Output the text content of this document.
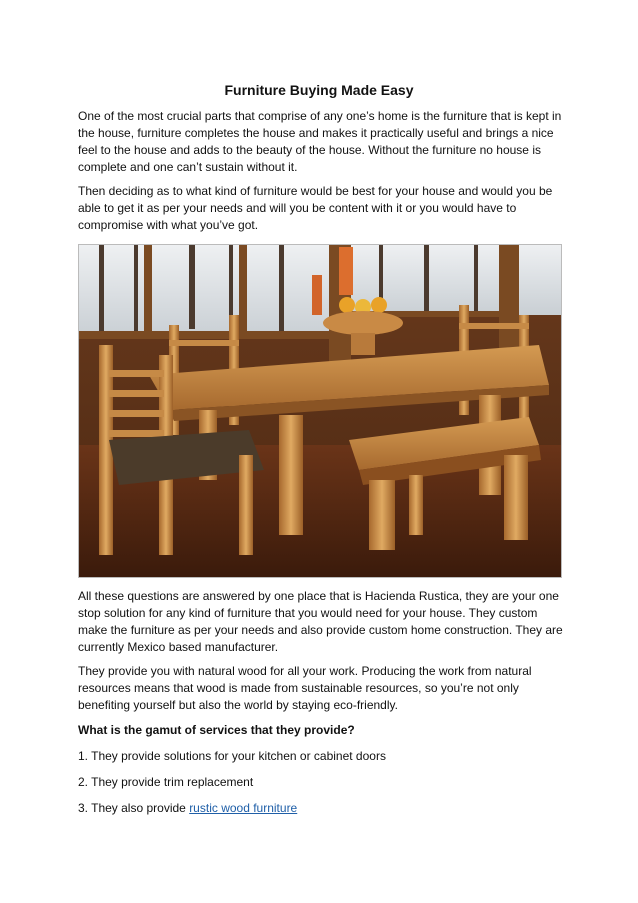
Furniture Buying Made Easy

One of the most crucial parts that comprise of any one’s home is the furniture that is kept in
the house, furniture completes the house and makes it practically useful and brings a nice
feel to the house and adds to the beauty of the house. Without the furniture no house is
complete and one can’t sustain without it.

Then deciding as to what kind of furniture would be best for your house and would you be
able to get it as per your needs and will you be content with it or you would have to
compromise with what you’ve got.

All these questions are answered by one place that is Hacienda Rustica, they are your one
stop solution for any kind of furniture that you would need for your house. They custom
make the furniture as per your needs and also provide custom home construction. They are
currently Mexico based manufacturer.

They provide you with natural wood for all your work. Producing the work from natural
resources means that wood is made from sustainable resources, so you’re not only
benefiting yourself but also the world by staying eco-friendly.

What is the gamut of services that they provide?

1. They provide solutions for your kitchen or cabinet doors

2. They provide trim replacement

3. They also provide rustic wood furniture
